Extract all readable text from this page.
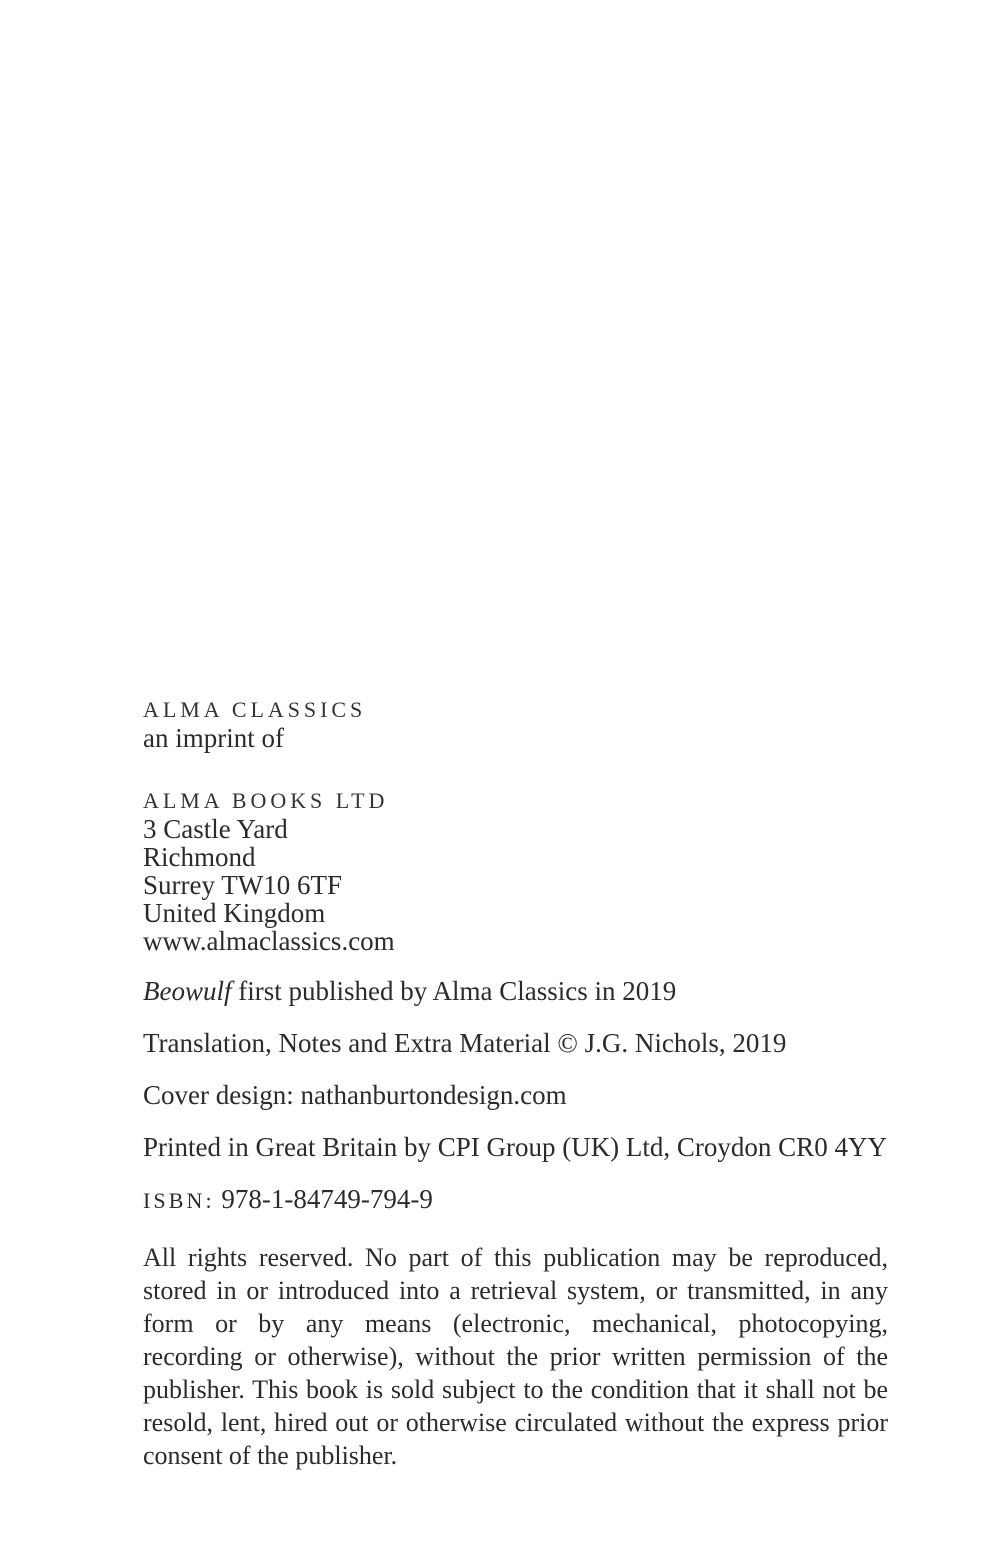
ALMA CLASSICS
an imprint of
ALMA BOOKS LTD
3 Castle Yard
Richmond
Surrey TW10 6TF
United Kingdom
www.almaclassics.com

Beowulf first published by Alma Classics in 2019

Translation, Notes and Extra Material © J.G. Nichols, 2019

Cover design: nathanburtondesign.com

Printed in Great Britain by CPI Group (UK) Ltd, Croydon CR0 4YY

ISBN: 978-1-84749-794-9

All rights reserved. No part of this publication may be reproduced, stored in or introduced into a retrieval system, or transmitted, in any form or by any means (electronic, mechanical, photocopying, recording or otherwise), without the prior written permission of the publisher. This book is sold subject to the condition that it shall not be resold, lent, hired out or otherwise circulated without the express prior consent of the publisher.
